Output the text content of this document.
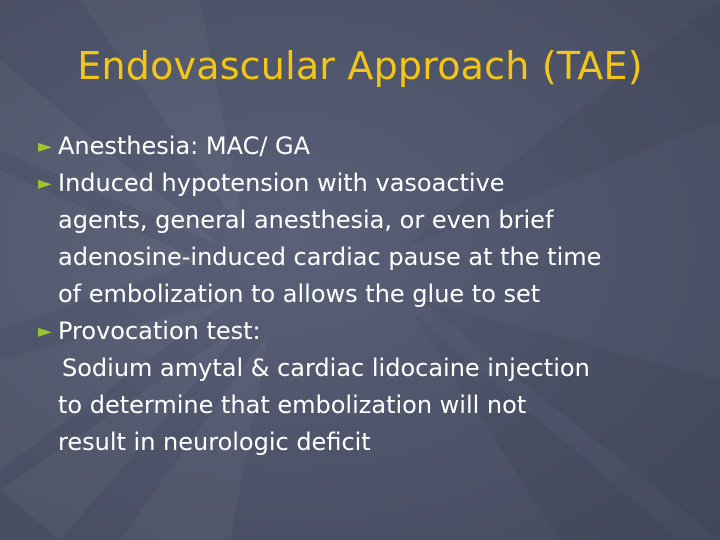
Endovascular Approach (TAE)
► Anesthesia: MAC/ GA
► Induced hypotension with vasoactive
agents, general anesthesia, or even brief
adenosine-induced cardiac pause at the time
of embolization to allows the glue to set
► Provocation test:
Sodium amytal & cardiac lidocaine injection
to determine that embolization will not
result in neurologic deficit
